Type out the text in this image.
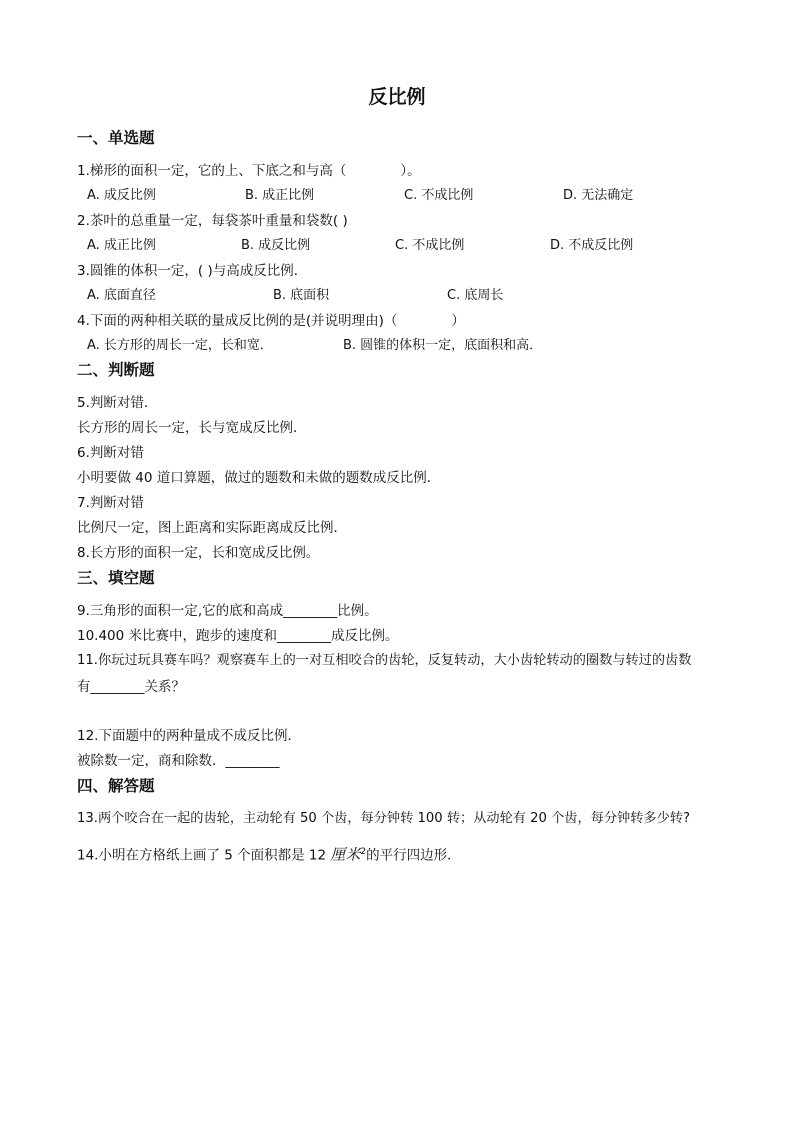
反比例
一、单选题
1.梯形的面积一定，它的上、下底之和与高（　　　　）。
A. 成反比例	B. 成正比例	C. 不成比例	D. 无法确定
2.茶叶的总重量一定，每袋茶叶重量和袋数( )
A. 成正比例	B. 成反比例	C. 不成比例	D. 不成反比例
3.圆锥的体积一定，( )与高成反比例．
A. 底面直径	B. 底面积	C. 底周长
4.下面的两种相关联的量成反比例的是(并说明理由)（　　　　）
A. 长方形的周长一定，长和宽．	B. 圆锥的体积一定，底面积和高．
二、判断题
5.判断对错．
长方形的周长一定，长与宽成反比例．
6.判断对错
小明要做 40 道口算题，做过的题数和未做的题数成反比例．
7.判断对错
比例尺一定，图上距离和实际距离成反比例．
8.长方形的面积一定，长和宽成反比例。
三、填空题
9.三角形的面积一定,它的底和高成________比例。
10.400 米比赛中，跑步的速度和________成反比例。
11.你玩过玩具赛车吗？观察赛车上的一对互相咬合的齿轮，反复转动，大小齿轮转动的圈数与转过的齿数
有________关系？
12.下面题中的两种量成不成反比例．
被除数一定，商和除数．________
四、解答题
13.两个咬合在一起的齿轮，主动轮有 50 个齿，每分钟转 100 转；从动轮有 20 个齿，每分钟转多少转?
14.小明在方格纸上画了 5 个面积都是 12 厘米$^2$的平行四边形．
